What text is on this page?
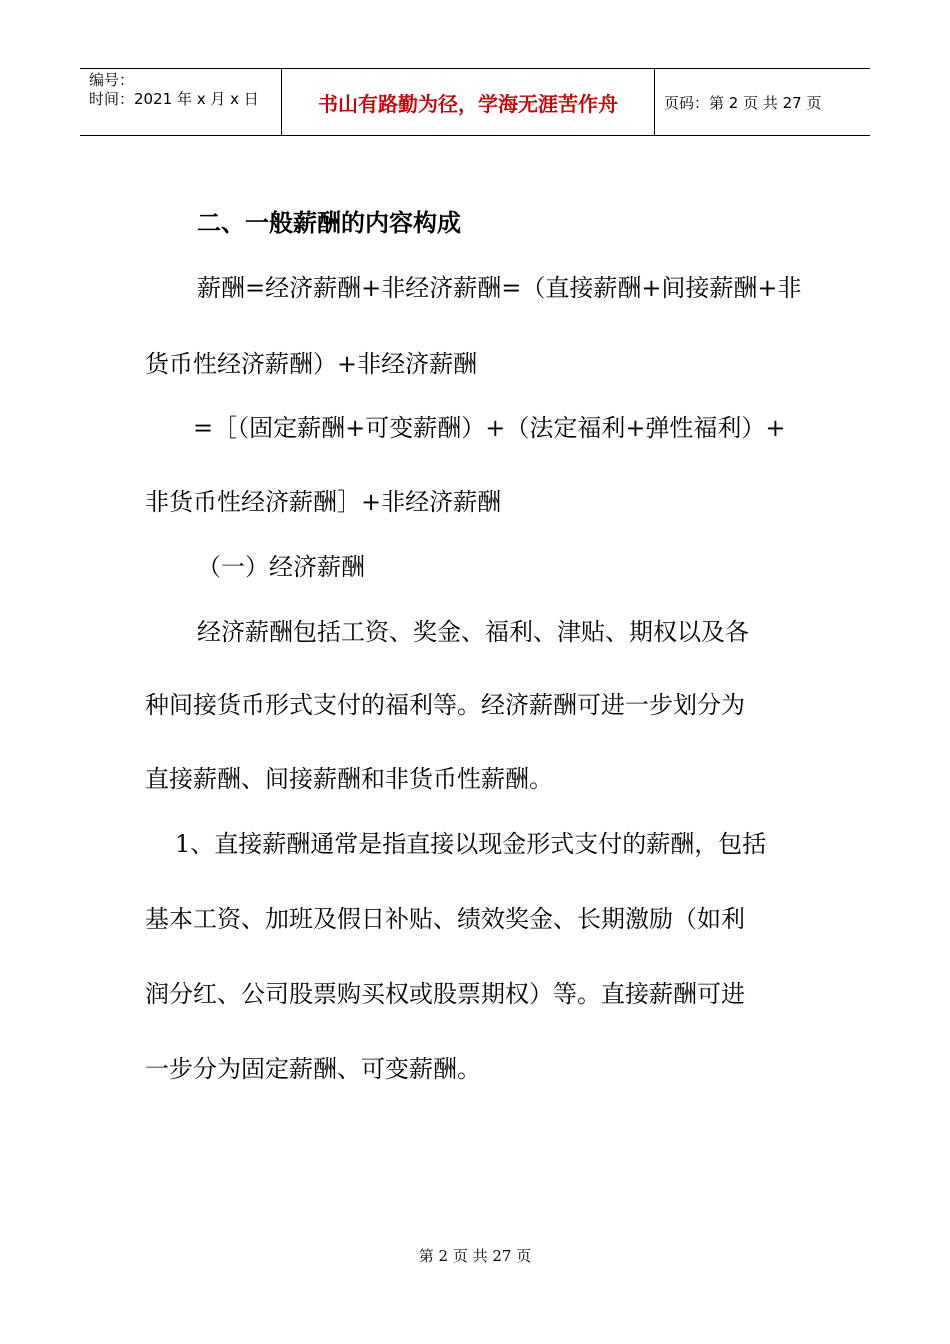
编号：
时间：2021 年 x 月 x 日	书山有路勤为径，学海无涯苦作舟	页码：第 2 页 共 27 页
二、一般薪酬的内容构成
薪酬=经济薪酬+非经济薪酬=（直接薪酬+间接薪酬+非
货币性经济薪酬）+非经济薪酬
=［（固定薪酬+可变薪酬）+（法定福利+弹性福利）+
非货币性经济薪酬］+非经济薪酬
（一）经济薪酬
经济薪酬包括工资、奖金、福利、津贴、期权以及各
种间接货币形式支付的福利等。经济薪酬可进一步划分为
直接薪酬、间接薪酬和非货币性薪酬。
1、直接薪酬通常是指直接以现金形式支付的薪酬，包括
基本工资、加班及假日补贴、绩效奖金、长期激励（如利
润分红、公司股票购买权或股票期权）等。直接薪酬可进
一步分为固定薪酬、可变薪酬。
第 2 页 共 27 页
